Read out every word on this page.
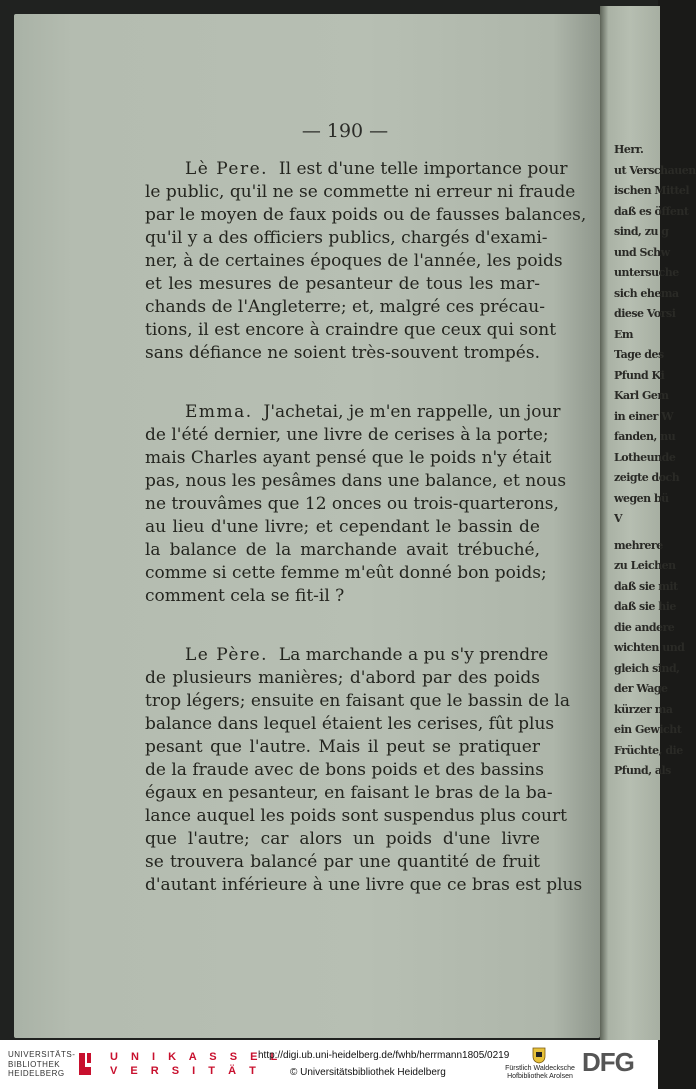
Herr.
ut Verschauen
ischen Mittel
daß es öffent
sind, zu g
und Schw
untersuche
sich ehema
diese Vorsi
Em
Tage des
Pfund Ki
Karl Gem
in einer W
fanden, nu
Lotheunde
zeigte doch
wegen bü
V
mehrere
zu Leichen
daß sie mit
daß sie hie
die andere
wichten und
gleich sind,
der Wage
kürzer ma
ein Gewicht
Früchte, die
Pfund, als
— 190 —
Lè Pere. Il est d'une telle importance pour
le public, qu'il ne se commette ni erreur ni fraude
par le moyen de faux poids ou de fausses balances,
qu'il y a des officiers publics, chargés d'exami-
ner, à de certaines époques de l'année, les poids
et les mesures de pesanteur de tous les mar-
chands de l'Angleterre; et, malgré ces précau-
tions, il est encore à craindre que ceux qui sont
sans défiance ne soient très-souvent trompés.
Emma. J'achetai, je m'en rappelle, un jour
de l'été dernier, une livre de cerises à la porte;
mais Charles ayant pensé que le poids n'y était
pas, nous les pesâmes dans une balance, et nous
ne trouvâmes que 12 onces ou trois-quarterons,
au lieu d'une livre; et cependant le bassin de
la balance de la marchande avait trébuché,
comme si cette femme m'eût donné bon poids;
comment cela se fit-il ?
Le Père. La marchande a pu s'y prendre
de plusieurs manières; d'abord par des poids
trop légers; ensuite en faisant que le bassin de la
balance dans lequel étaient les cerises, fût plus
pesant que l'autre. Mais il peut se pratiquer
de la fraude avec de bons poids et des bassins
égaux en pesanteur, en faisant le bras de la ba-
lance auquel les poids sont suspendus plus court
que l'autre; car alors un poids d'une livre
se trouvera balancé par une quantité de fruit
d'autant inférieure à une livre que ce bras est plus
UNIVERSITÄTS-
BIBLIOTHEK
HEIDELBERG
U N I K A S S E L
V E R S I T Ä T
http://digi.ub.uni-heidelberg.de/fwhb/herrmann1805/0219
© Universitätsbibliothek Heidelberg	Fürstlich Waldecksche
Hofbibliothek Arolsen DFG
